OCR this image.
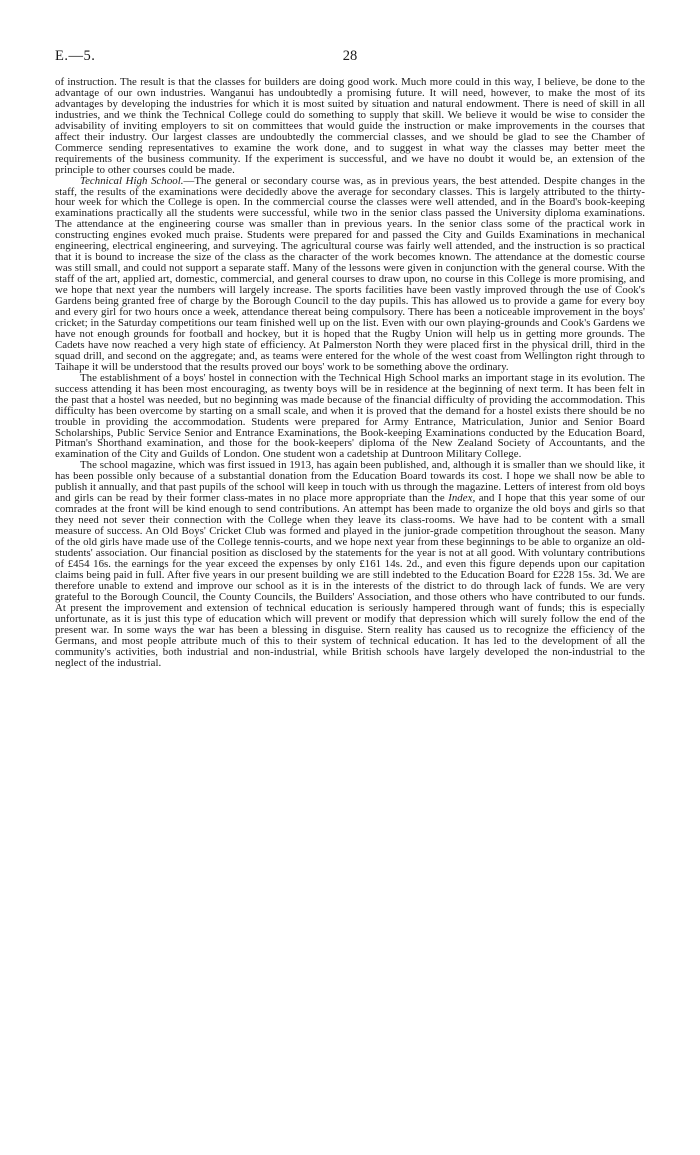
E.—5.	28

of instruction. The result is that the classes for builders are doing good work. Much more could in this way, I believe, be done to the advantage of our own industries. Wanganui has undoubtedly a promising future. It will need, however, to make the most of its advantages by developing the industries for which it is most suited by situation and natural endowment. There is need of skill in all industries, and we think the Technical College could do something to supply that skill. We believe it would be wise to consider the advisability of inviting employers to sit on committees that would guide the instruction or make improvements in the courses that affect their industry. Our largest classes are undoubtedly the commercial classes, and we should be glad to see the Chamber of Commerce sending representatives to examine the work done, and to suggest in what way the classes may better meet the requirements of the business community. If the experiment is successful, and we have no doubt it would be, an extension of the principle to other courses could be made.

Technical High School.—The general or secondary course was, as in previous years, the best attended. Despite changes in the staff, the results of the examinations were decidedly above the average for secondary classes. This is largely attributed to the thirty-hour week for which the College is open. In the commercial course the classes were well attended, and in the Board's book-keeping examinations practically all the students were successful, while two in the senior class passed the University diploma examinations. The attendance at the engineering course was smaller than in previous years. In the senior class some of the practical work in constructing engines evoked much praise. Students were prepared for and passed the City and Guilds Examinations in mechanical engineering, electrical engineering, and surveying. The agricultural course was fairly well attended, and the instruction is so practical that it is bound to increase the size of the class as the character of the work becomes known. The attendance at the domestic course was still small, and could not support a separate staff. Many of the lessons were given in conjunction with the general course. With the staff of the art, applied art, domestic, commercial, and general courses to draw upon, no course in this College is more promising, and we hope that next year the numbers will largely increase. The sports facilities have been vastly improved through the use of Cook's Gardens being granted free of charge by the Borough Council to the day pupils. This has allowed us to provide a game for every boy and every girl for two hours once a week, attendance thereat being compulsory. There has been a noticeable improvement in the boys' cricket; in the Saturday competitions our team finished well up on the list. Even with our own playing-grounds and Cook's Gardens we have not enough grounds for football and hockey, but it is hoped that the Rugby Union will help us in getting more grounds. The Cadets have now reached a very high state of efficiency. At Palmerston North they were placed first in the physical drill, third in the squad drill, and second on the aggregate; and, as teams were entered for the whole of the west coast from Wellington right through to Taihape it will be understood that the results proved our boys' work to be something above the ordinary.

The establishment of a boys' hostel in connection with the Technical High School marks an important stage in its evolution. The success attending it has been most encouraging, as twenty boys will be in residence at the beginning of next term. It has been felt in the past that a hostel was needed, but no beginning was made because of the financial difficulty of providing the accommodation. This difficulty has been overcome by starting on a small scale, and when it is proved that the demand for a hostel exists there should be no trouble in providing the accommodation. Students were prepared for Army Entrance, Matriculation, Junior and Senior Board Scholarships, Public Service Senior and Entrance Examinations, the Book-keeping Examinations conducted by the Education Board, Pitman's Shorthand examination, and those for the book-keepers' diploma of the New Zealand Society of Accountants, and the examination of the City and Guilds of London. One student won a cadetship at Duntroon Military College.

The school magazine, which was first issued in 1913, has again been published, and, although it is smaller than we should like, it has been possible only because of a substantial donation from the Education Board towards its cost. I hope we shall now be able to publish it annually, and that past pupils of the school will keep in touch with us through the magazine. Letters of interest from old boys and girls can be read by their former class-mates in no place more appropriate than the Index, and I hope that this year some of our comrades at the front will be kind enough to send contributions. An attempt has been made to organize the old boys and girls so that they need not sever their connection with the College when they leave its class-rooms. We have had to be content with a small measure of success. An Old Boys' Cricket Club was formed and played in the junior-grade competition throughout the season. Many of the old girls have made use of the College tennis-courts, and we hope next year from these beginnings to be able to organize an old-students' association. Our financial position as disclosed by the statements for the year is not at all good. With voluntary contributions of £454 16s. the earnings for the year exceed the expenses by only £161 14s. 2d., and even this figure depends upon our capitation claims being paid in full. After five years in our present building we are still indebted to the Education Board for £228 15s. 3d. We are therefore unable to extend and improve our school as it is in the interests of the district to do through lack of funds. We are very grateful to the Borough Council, the County Councils, the Builders' Association, and those others who have contributed to our funds. At present the improvement and extension of technical education is seriously hampered through want of funds; this is especially unfortunate, as it is just this type of education which will prevent or modify that depression which will surely follow the end of the present war. In some ways the war has been a blessing in disguise. Stern reality has caused us to recognize the efficiency of the Germans, and most people attribute much of this to their system of technical education. It has led to the development of all the community's activities, both industrial and non-industrial, while British schools have largely developed the non-industrial to the neglect of the industrial.
